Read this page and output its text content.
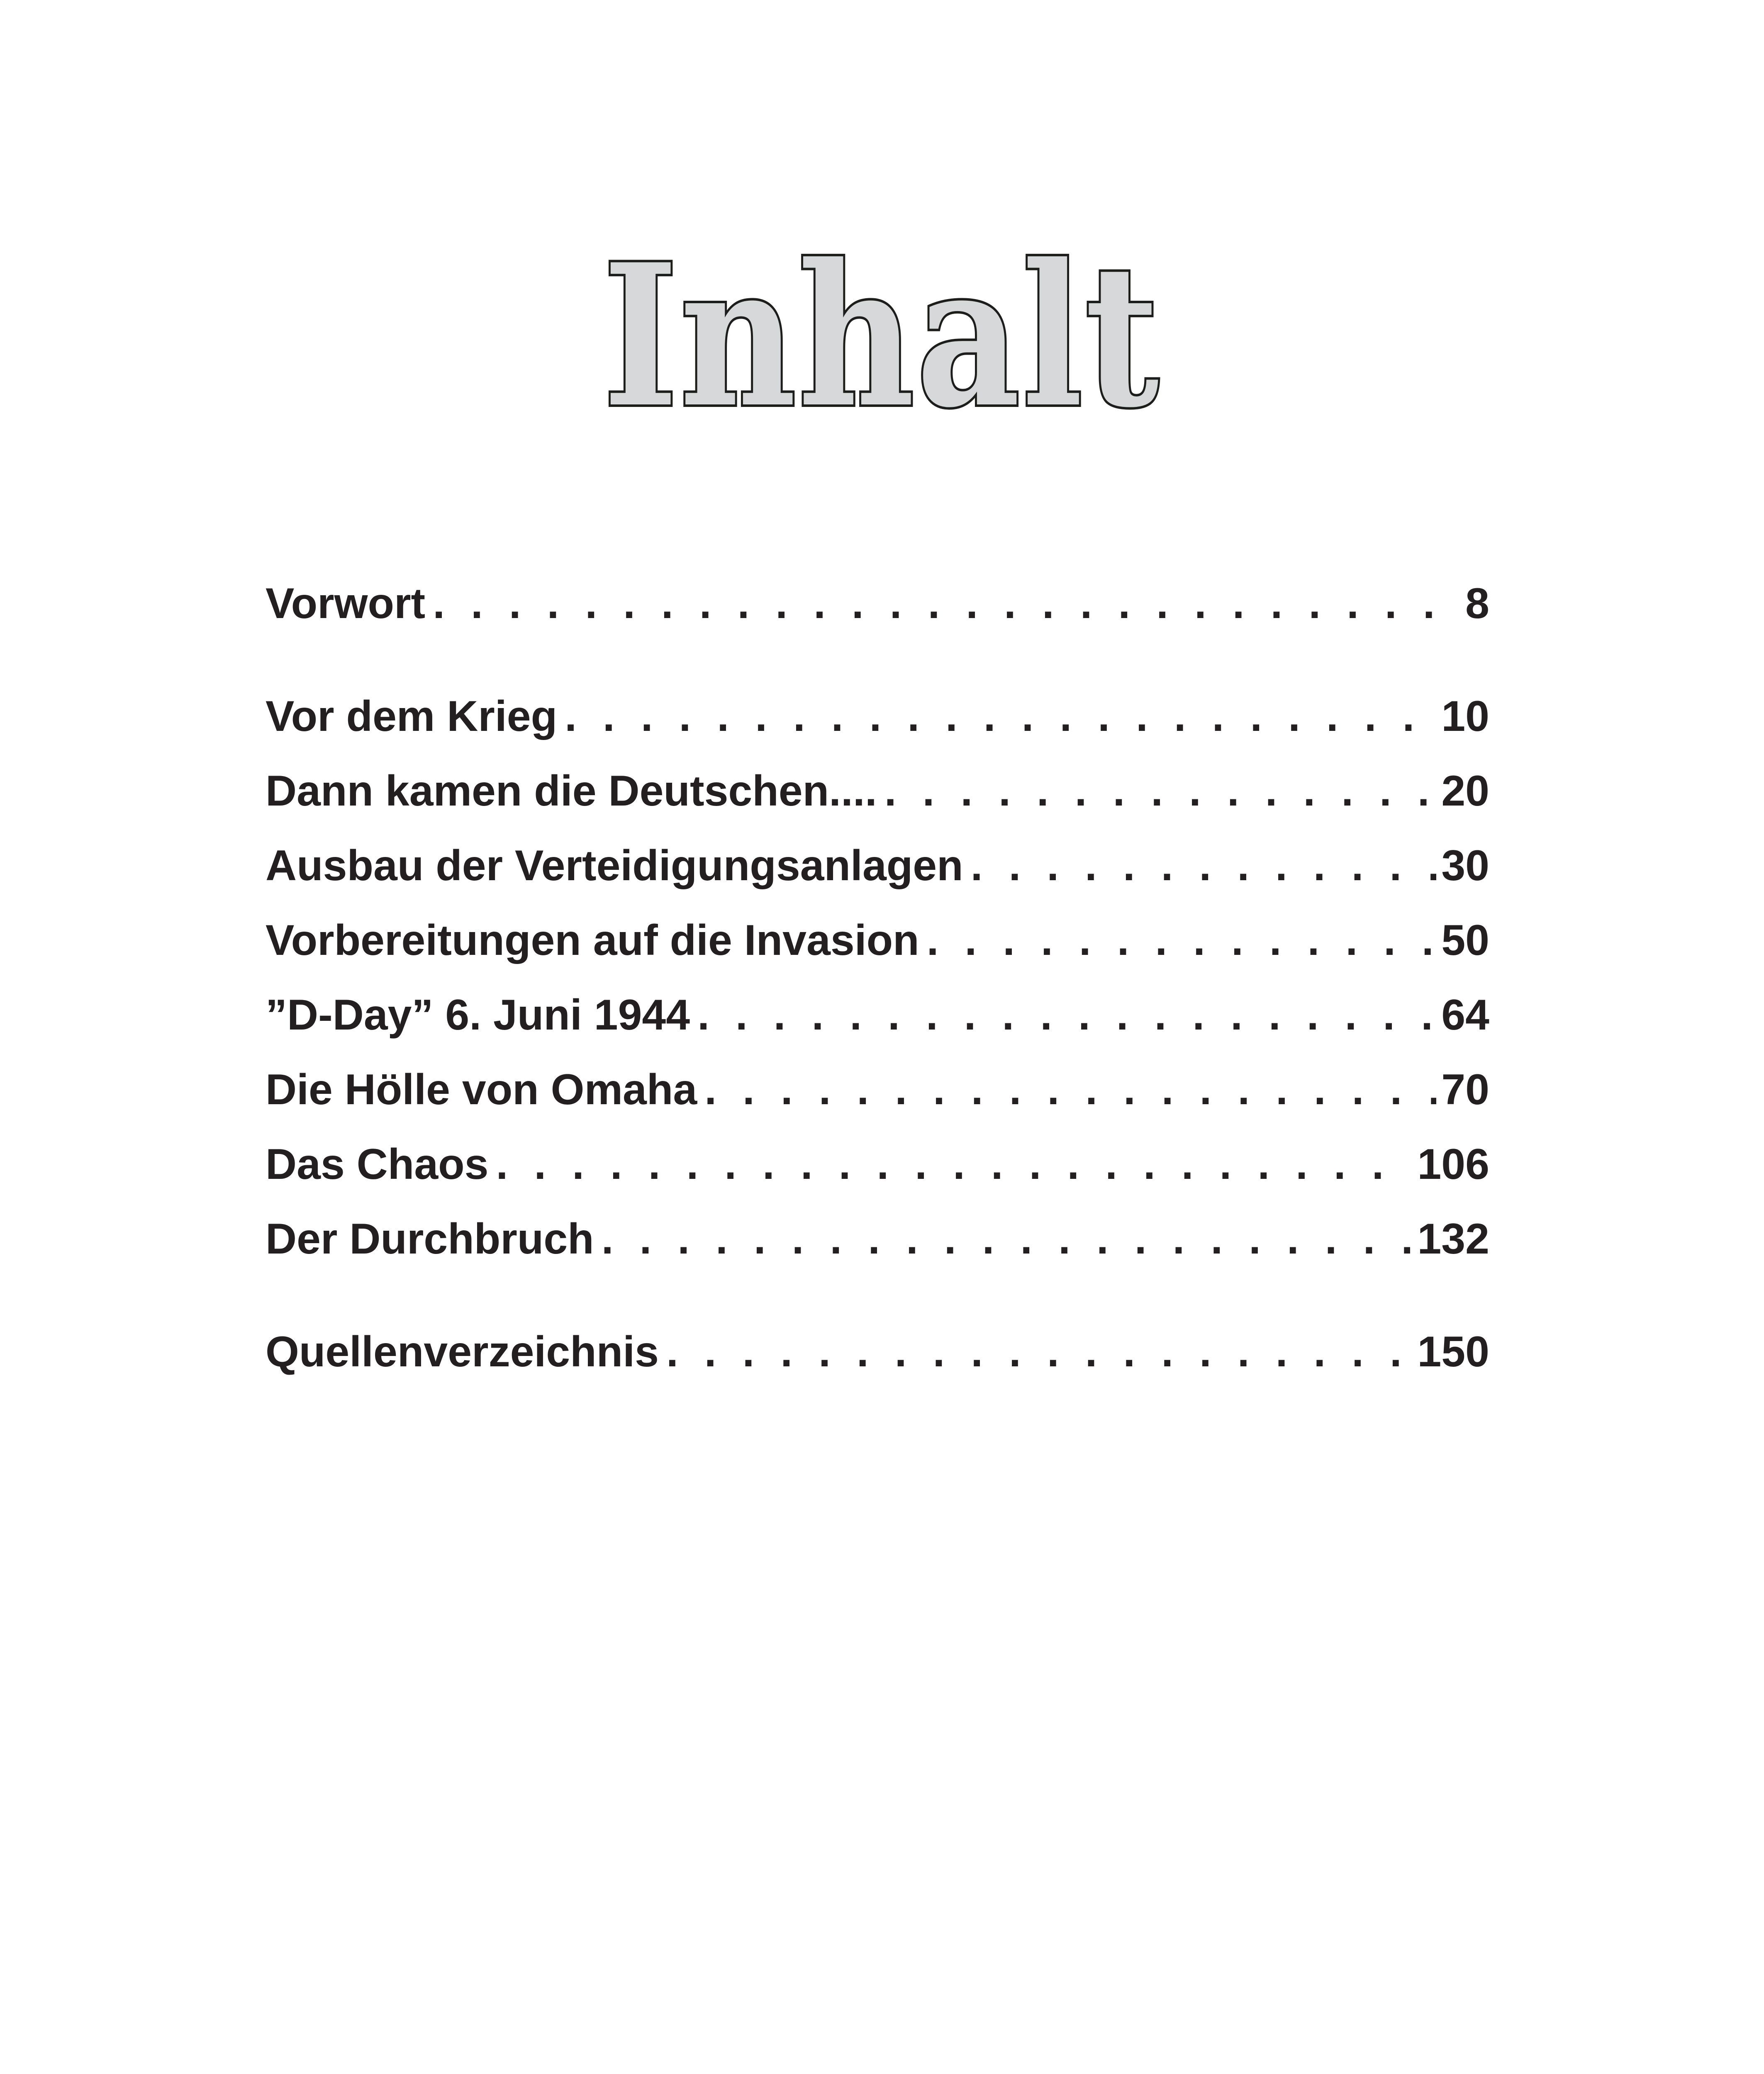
Inhalt
Vorwort . . .	8
Vor dem Krieg . . .	10
Dann kamen die Deutschen.... . . .	20
Ausbau der Verteidigungsanlagen . . .	30
Vorbereitungen auf die Invasion . . .	50
”D-Day” 6. Juni 1944 . . .	64
Die Hölle von Omaha . . .	70
Das Chaos . . .	106
Der Durchbruch . . .	132
Quellenverzeichnis . . .	150
